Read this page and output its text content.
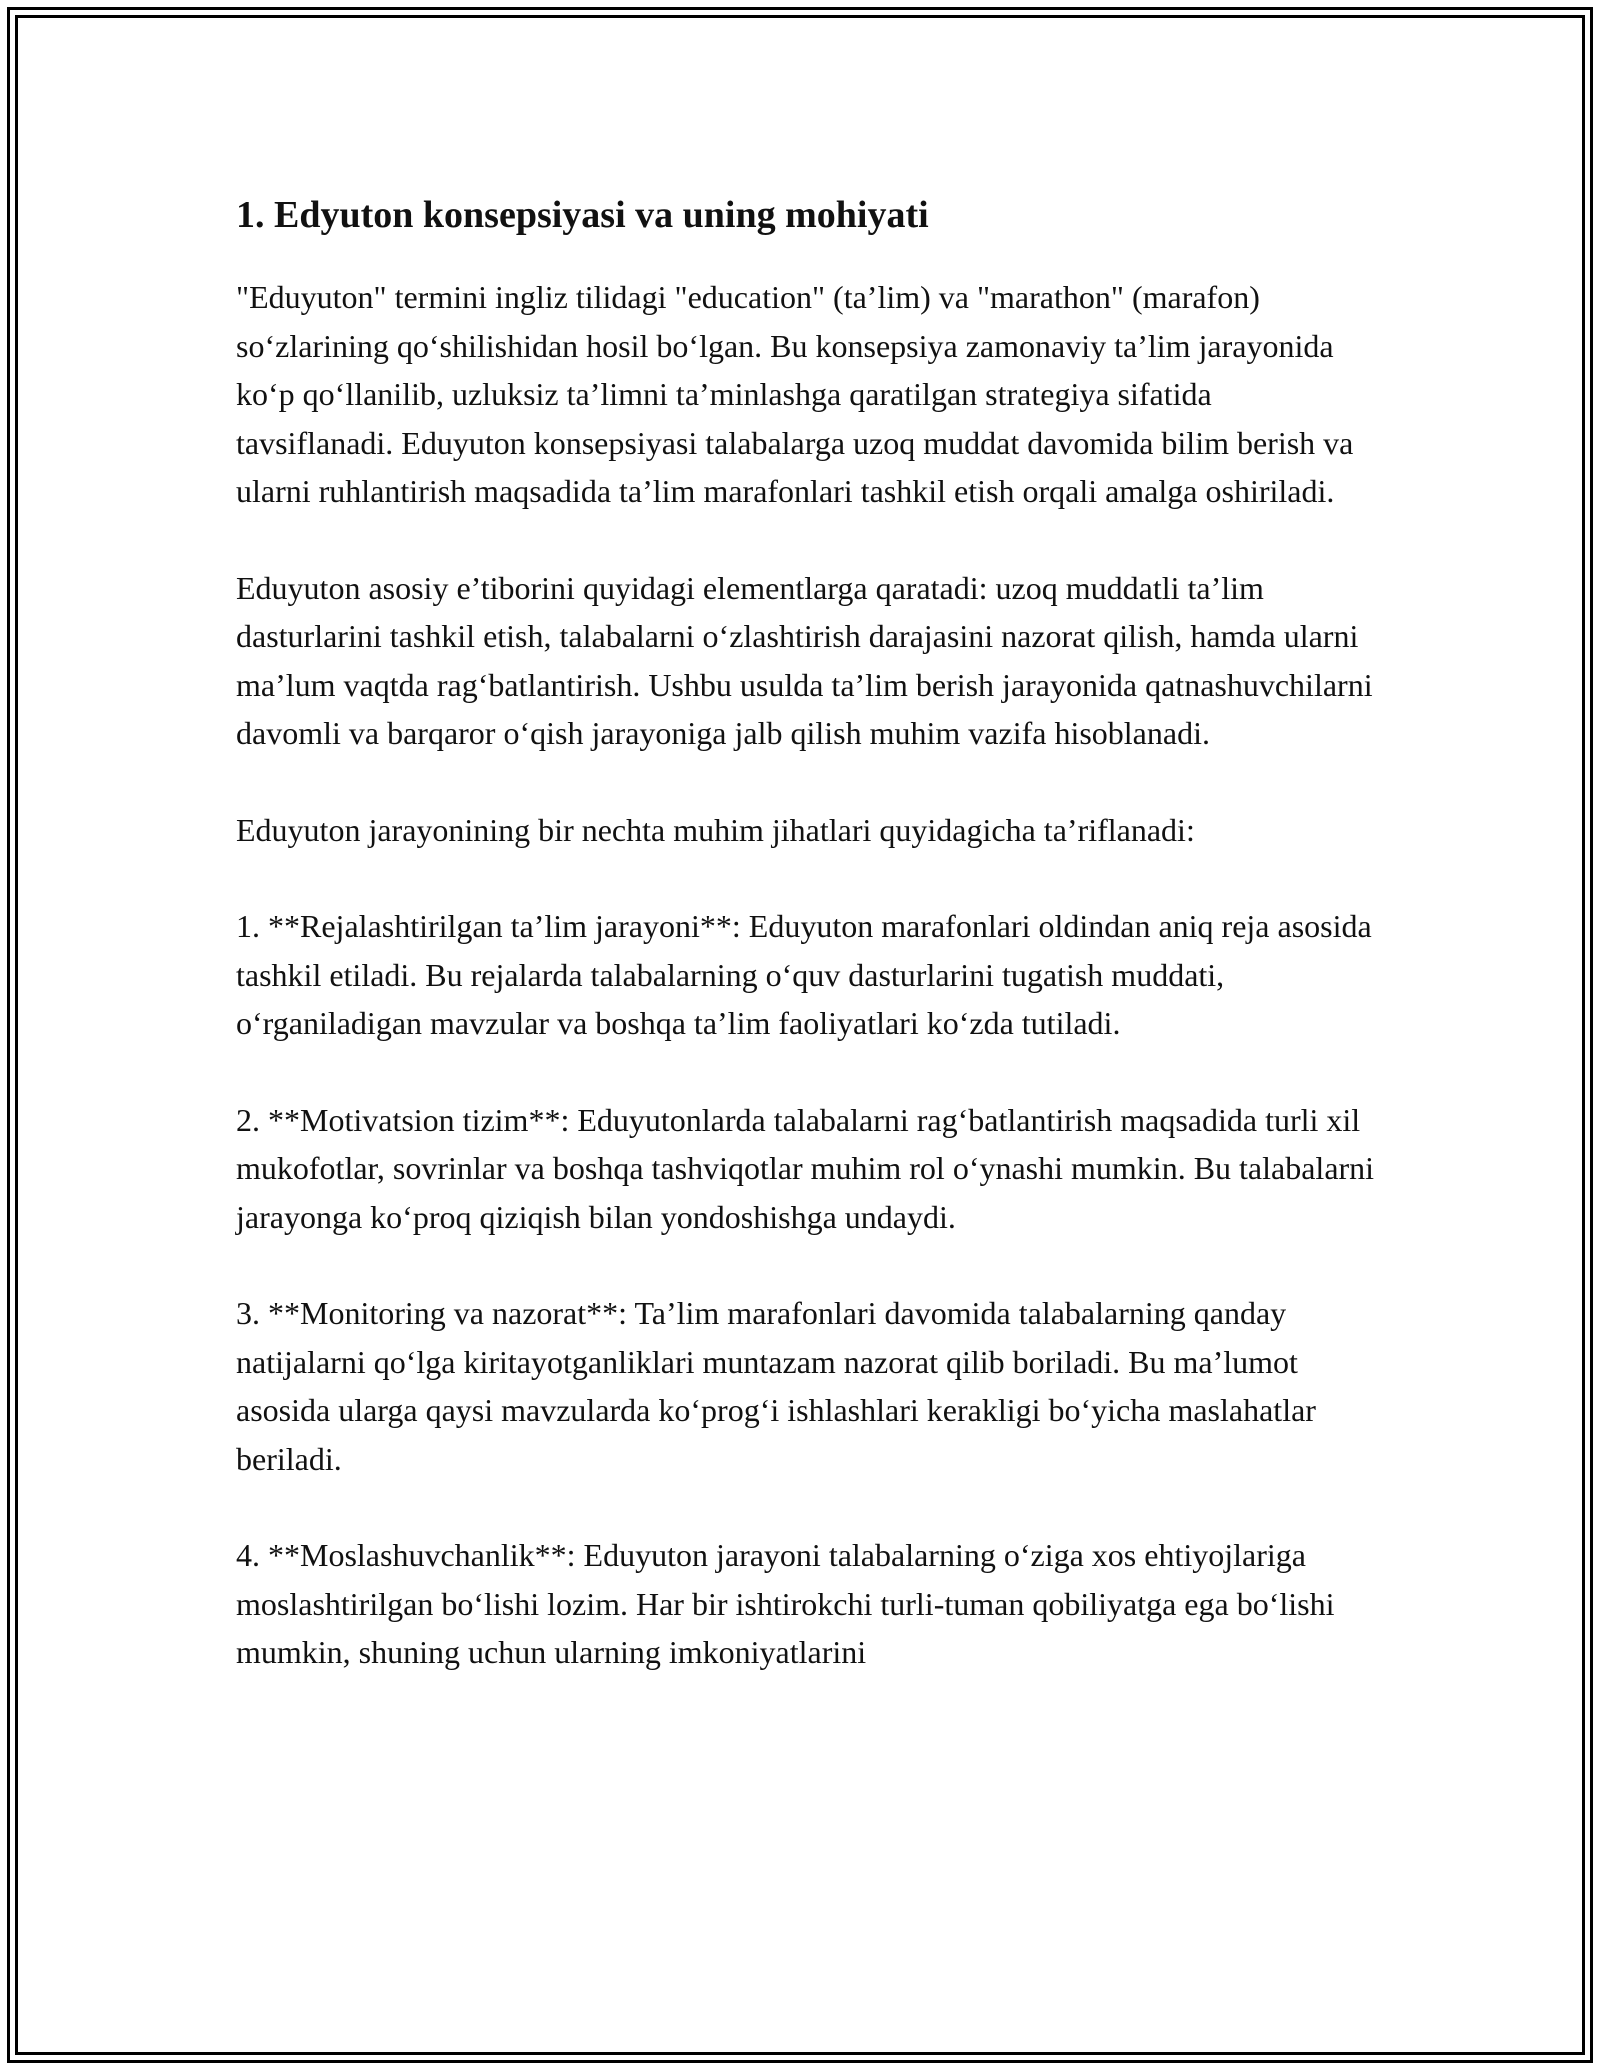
1. Edyuton konsepsiyasi va uning mohiyati

"Eduyuton" termini ingliz tilidagi "education" (ta’lim) va "marathon" (marafon) so‘zlarining qo‘shilishidan hosil bo‘lgan. Bu konsepsiya zamonaviy ta’lim jarayonida ko‘p qo‘llanilib, uzluksiz ta’limni ta’minlashga qaratilgan strategiya sifatida tavsiflanadi. Eduyuton konsepsiyasi talabalarga uzoq muddat davomida bilim berish va ularni ruhlantirish maqsadida ta’lim marafonlari tashkil etish orqali amalga oshiriladi.

Eduyuton asosiy e’tiborini quyidagi elementlarga qaratadi: uzoq muddatli ta’lim dasturlarini tashkil etish, talabalarni o‘zlashtirish darajasini nazorat qilish, hamda ularni ma’lum vaqtda rag‘batlantirish. Ushbu usulda ta’lim berish jarayonida qatnashuvchilarni davomli va barqaror o‘qish jarayoniga jalb qilish muhim vazifa hisoblanadi.

Eduyuton jarayonining bir nechta muhim jihatlari quyidagicha ta’riflanadi:

1. **Rejalashtirilgan ta’lim jarayoni**: Eduyuton marafonlari oldindan aniq reja asosida tashkil etiladi. Bu rejalarda talabalarning o‘quv dasturlarini tugatish muddati, o‘rganiladigan mavzular va boshqa ta’lim faoliyatlari ko‘zda tutiladi.

2. **Motivatsion tizim**: Eduyutonlarda talabalarni rag‘batlantirish maqsadida turli xil mukofotlar, sovrinlar va boshqa tashviqotlar muhim rol o‘ynashi mumkin. Bu talabalarni jarayonga ko‘proq qiziqish bilan yondoshishga undaydi.

3. **Monitoring va nazorat**: Ta’lim marafonlari davomida talabalarning qanday natijalarni qo‘lga kiritayotganliklari muntazam nazorat qilib boriladi. Bu ma’lumot asosida ularga qaysi mavzularda ko‘prog‘i ishlashlari kerakligi bo‘yicha maslahatlar beriladi.

4. **Moslashuvchanlik**: Eduyuton jarayoni talabalarning o‘ziga xos ehtiyojlariga moslashtirilgan bo‘lishi lozim. Har bir ishtirokchi turli-tuman qobiliyatga ega bo‘lishi mumkin, shuning uchun ularning imkoniyatlarini
